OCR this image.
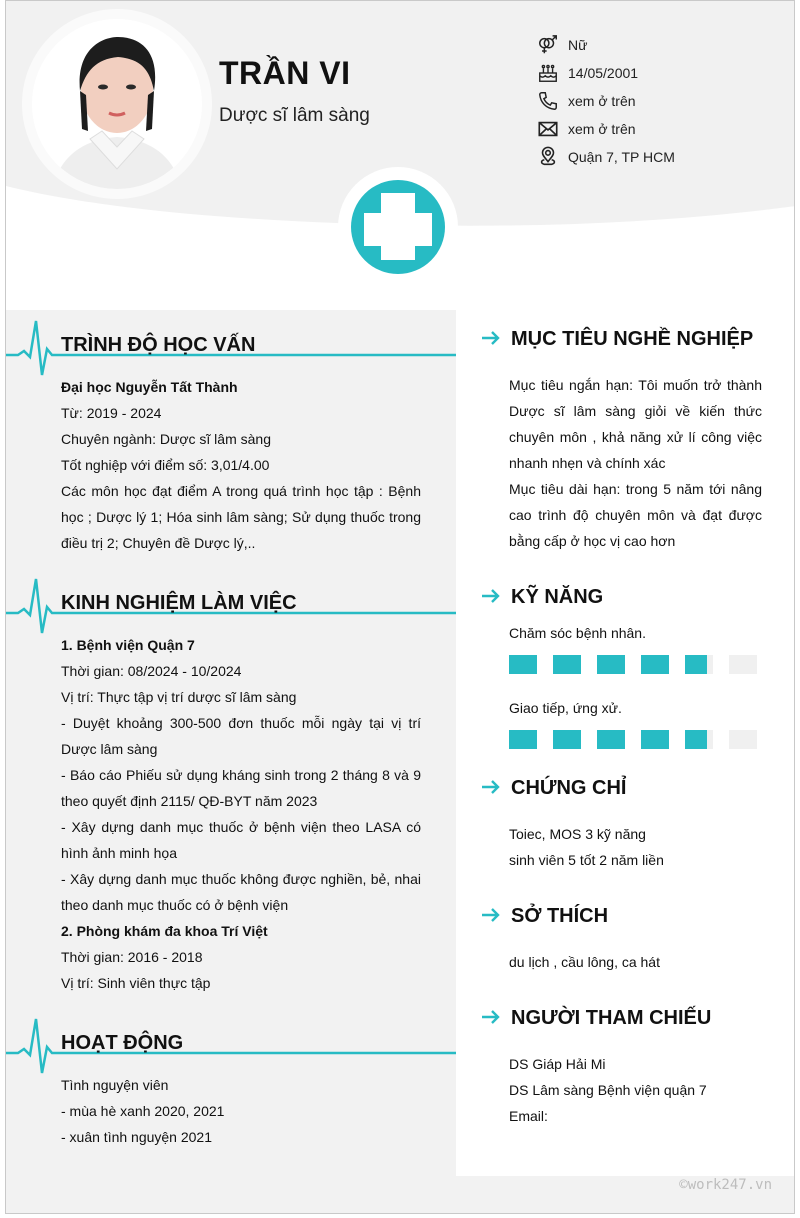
TRẦN VI
Dược sĩ lâm sàng
Nữ
14/05/2001
xem ở trên
xem ở trên
Quận 7, TP HCM
TRÌNH ĐỘ HỌC VẤN
Đại học Nguyễn Tất Thành
Từ: 2019 - 2024
Chuyên ngành: Dược sĩ lâm sàng
Tốt nghiệp với điểm số: 3,01/4.00
Các môn học đạt điểm A trong quá trình học tập : Bệnh học ; Dược lý 1; Hóa sinh lâm sàng; Sử dụng thuốc trong điều trị 2; Chuyên đề Dược lý,..
KINH NGHIỆM LÀM VIỆC
1. Bệnh viện Quận 7
Thời gian: 08/2024 - 10/2024
Vị trí: Thực tập vị trí dược sĩ lâm sàng
- Duyệt khoảng 300-500 đơn thuốc mỗi ngày tại vị trí Dược lâm sàng
- Báo cáo Phiếu sử dụng kháng sinh trong 2 tháng 8 và 9 theo quyết định 2115/ QĐ-BYT năm 2023
- Xây dựng danh mục thuốc ở bệnh viện theo LASA có hình ảnh minh họa
- Xây dựng danh mục thuốc không được nghiền, bẻ, nhai theo danh mục thuốc có ở bệnh viện
2. Phòng khám đa khoa Trí Việt
Thời gian: 2016 - 2018
Vị trí: Sinh viên thực tập
HOẠT ĐỘNG
Tình nguyện viên
- mùa hè xanh 2020, 2021
- xuân tình nguyện 2021
MỤC TIÊU NGHỀ NGHIỆP
Mục tiêu ngắn hạn: Tôi muốn trở thành Dược sĩ lâm sàng giỏi về kiến thức chuyên môn , khả năng xử lí công việc nhanh nhẹn và chính xác
Mục tiêu dài hạn: trong 5 năm tới nâng cao trình độ chuyên môn và đạt được bằng cấp ở học vị cao hơn
KỸ NĂNG
Chăm sóc bệnh nhân.
Giao tiếp, ứng xử.
CHỨNG CHỈ
Toiec, MOS 3 kỹ năng
sinh viên 5 tốt 2 năm liền
SỞ THÍCH
du lịch , cầu lông, ca hát
NGƯỜI THAM CHIẾU
DS Giáp Hải Mi
DS Lâm sàng Bệnh viện quận 7
Email:
©work247.vn
